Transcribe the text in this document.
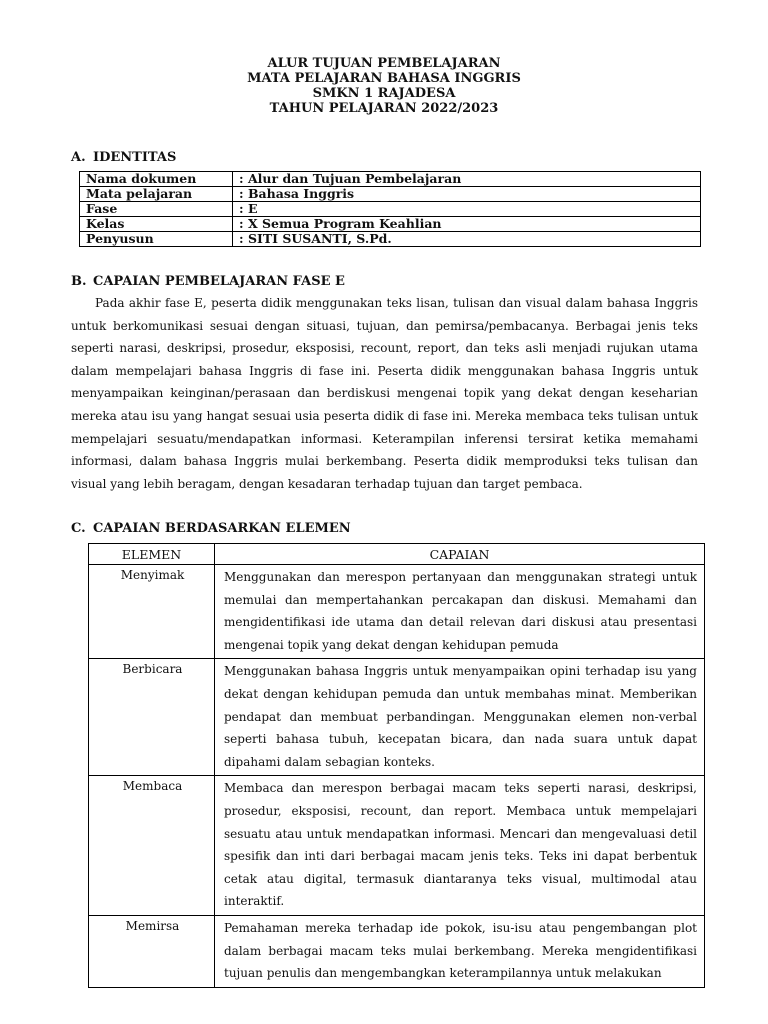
ALUR TUJUAN PEMBELAJARAN
MATA PELAJARAN BAHASA INGGRIS
SMKN 1 RAJADESA
TAHUN PELAJARAN 2022/2023
A. IDENTITAS
Nama dokumen	: Alur dan Tujuan Pembelajaran
Mata pelajaran	: Bahasa Inggris
Fase	: E
Kelas	: X Semua Program Keahlian
Penyusun	: SITI SUSANTI, S.Pd.
B. CAPAIAN PEMBELAJARAN FASE E

Pada akhir fase E, peserta didik menggunakan teks lisan, tulisan dan visual dalam bahasa Inggris untuk berkomunikasi sesuai dengan situasi, tujuan, dan pemirsa/pembacanya. Berbagai jenis teks seperti narasi, deskripsi, prosedur, eksposisi, recount, report, dan teks asli menjadi rujukan utama dalam mempelajari bahasa Inggris di fase ini. Peserta didik menggunakan bahasa Inggris untuk menyampaikan keinginan/perasaan dan berdiskusi mengenai topik yang dekat dengan keseharian mereka atau isu yang hangat sesuai usia peserta didik di fase ini. Mereka membaca teks tulisan untuk mempelajari sesuatu/mendapatkan informasi. Keterampilan inferensi tersirat ketika memahami informasi, dalam bahasa Inggris mulai berkembang. Peserta didik memproduksi teks tulisan dan visual yang lebih beragam, dengan kesadaran terhadap tujuan dan target pembaca.

C. CAPAIAN BERDASARKAN ELEMEN
ELEMEN	CAPAIAN
Menyimak	Menggunakan dan merespon pertanyaan dan menggunakan strategi untuk memulai dan mempertahankan percakapan dan diskusi. Memahami dan mengidentifikasi ide utama dan detail relevan dari diskusi atau presentasi mengenai topik yang dekat dengan kehidupan pemuda
Berbicara	Menggunakan bahasa Inggris untuk menyampaikan opini terhadap isu yang dekat dengan kehidupan pemuda dan untuk membahas minat. Memberikan pendapat dan membuat perbandingan. Menggunakan elemen non-verbal seperti bahasa tubuh, kecepatan bicara, dan nada suara untuk dapat dipahami dalam sebagian konteks.
Membaca	Membaca dan merespon berbagai macam teks seperti narasi, deskripsi, prosedur, eksposisi, recount, dan report. Membaca untuk mempelajari sesuatu atau untuk mendapatkan informasi. Mencari dan mengevaluasi detil spesifik dan inti dari berbagai macam jenis teks. Teks ini dapat berbentuk cetak atau digital, termasuk diantaranya teks visual, multimodal atau interaktif.
Memirsa	Pemahaman mereka terhadap ide pokok, isu-isu atau pengembangan plot dalam berbagai macam teks mulai berkembang. Mereka mengidentifikasi tujuan penulis dan mengembangkan keterampilannya untuk melakukan
